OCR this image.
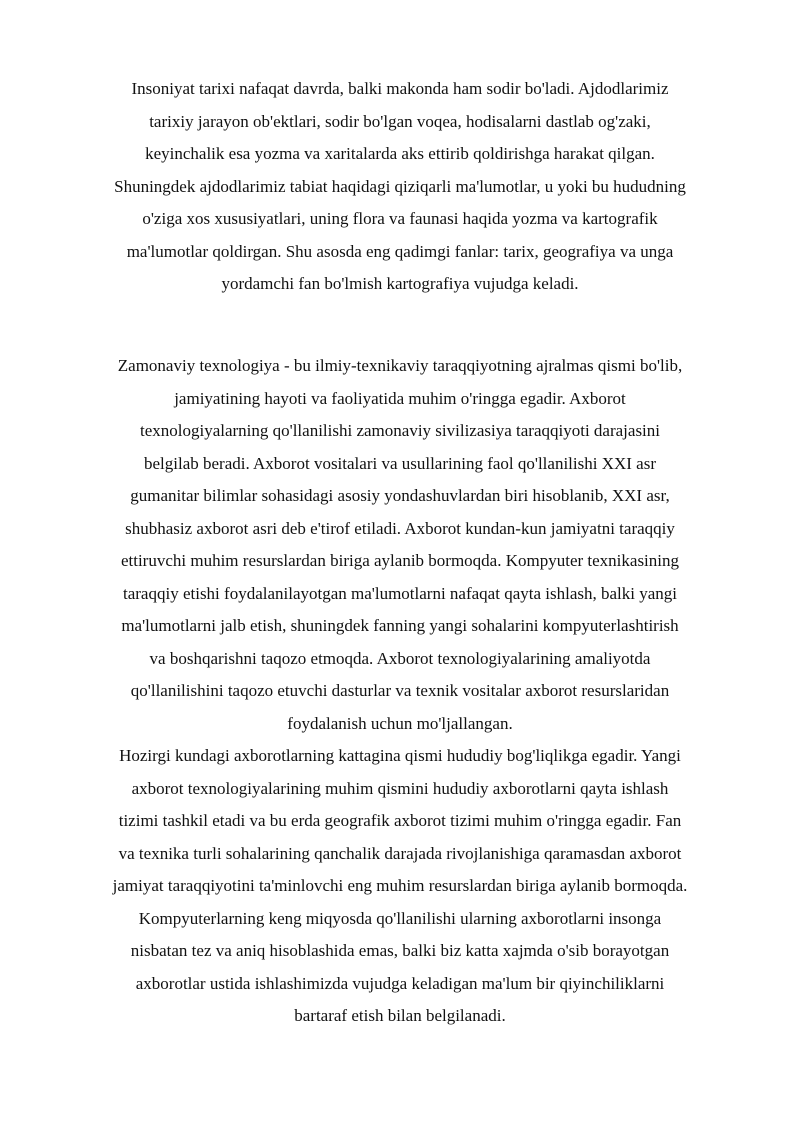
Insoniyat tarixi nafaqat davrda, balki makonda ham sodir bo'ladi. Ajdodlarimiz tarixiy jarayon ob'ektlari, sodir bo'lgan voqea, hodisalarni dastlab og'zaki, keyinchalik esa yozma va xaritalarda aks ettirib qoldirishga harakat qilgan. Shuningdek ajdodlarimiz tabiat haqidagi qiziqarli ma'lumotlar, u yoki bu hududning o'ziga xos xususiyatlari, uning flora va faunasi haqida yozma va kartografik ma'lumotlar qoldirgan. Shu asosda eng qadimgi fanlar: tarix, geografiya va unga yordamchi fan bo'lmish kartografiya vujudga keladi.

Zamonaviy texnologiya - bu ilmiy-texnikaviy taraqqiyotning ajralmas qismi bo'lib, jamiyatining hayoti va faoliyatida muhim o'ringga egadir. Axborot texnologiyalarning qo'llanilishi zamonaviy sivilizasiya taraqqiyoti darajasini belgilab beradi. Axborot vositalari va usullarining faol qo'llanilishi XXI asr gumanitar bilimlar sohasidagi asosiy yondashuvlardan biri hisoblanib, XXI asr, shubhasiz axborot asri deb e'tirof etiladi. Axborot kundan-kun jamiyatni taraqqiy ettiruvchi muhim resurslardan biriga aylanib bormoqda. Kompyuter texnikasining taraqqiy etishi foydalanilayotgan ma'lumotlarni nafaqat qayta ishlash, balki yangi ma'lumotlarni jalb etish, shuningdek fanning yangi sohalarini kompyuterlashtirish va boshqarishni taqozo etmoqda. Axborot texnologiyalarining amaliyotda qo'llanilishini taqozo etuvchi dasturlar va texnik vositalar axborot resurslaridan foydalanish uchun mo'ljallangan.

Hozirgi kundagi axborotlarning kattagina qismi hududiy bog'liqlikga egadir. Yangi axborot texnologiyalarining muhim qismini hududiy axborotlarni qayta ishlash tizimi tashkil etadi va bu erda geografik axborot tizimi muhim o'ringga egadir. Fan va texnika turli sohalarining qanchalik darajada rivojlanishiga qaramasdan axborot jamiyat taraqqiyotini ta'minlovchi eng muhim resurslardan biriga aylanib bormoqda. Kompyuterlarning keng miqyosda qo'llanilishi ularning axborotlarni insonga nisbatan tez va aniq hisoblashida emas, balki biz katta xajmda o'sib borayotgan axborotlar ustida ishlashimizda vujudga keladigan ma'lum bir qiyinchiliklarni bartaraf etish bilan belgilanadi.
